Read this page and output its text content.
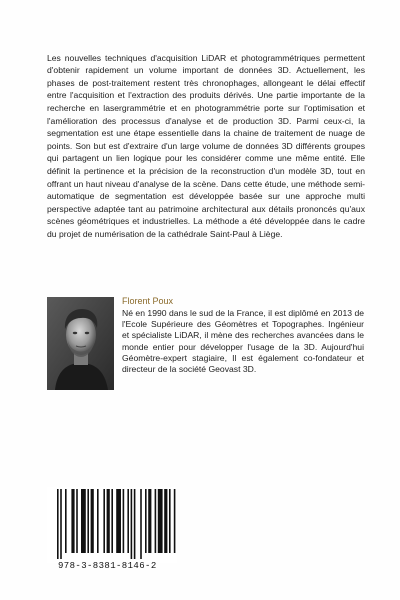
Les nouvelles techniques d'acquisition LiDAR et photogrammétriques permettent d'obtenir rapidement un volume important de données 3D. Actuellement, les phases de post-traitement restent très chronophages, allongeant le délai effectif entre l'acquisition et l'extraction des produits dérivés. Une partie importante de la recherche en lasergrammétrie et en photogrammétrie porte sur l'optimisation et l'amélioration des processus d'analyse et de production 3D. Parmi ceux-ci, la segmentation est une étape essentielle dans la chaine de traitement de nuage de points. Son but est d'extraire d'un large volume de données 3D différents groupes qui partagent un lien logique pour les considérer comme une même entité. Elle définit la pertinence et la précision de la reconstruction d'un modèle 3D, tout en offrant un haut niveau d'analyse de la scène. Dans cette étude, une méthode semi-automatique de segmentation est développée basée sur une approche multi perspective adaptée tant au patrimoine architectural aux détails prononcés qu'aux scènes géométriques et industrielles. La méthode a été développée dans le cadre du projet de numérisation de la cathédrale Saint-Paul à Liège.

Florent Poux
Né en 1990 dans le sud de la France, il est diplômé en 2013 de l'Ecole Supérieure des Géomètres et Topographes. Ingénieur et spécialiste LiDAR, il mène des recherches avancées dans le monde entier pour développer l'usage de la 3D. Aujourd'hui Géomètre-expert stagiaire, Il est également co-fondateur et directeur de la société Geovast 3D.
978-3-8381-8146-2
